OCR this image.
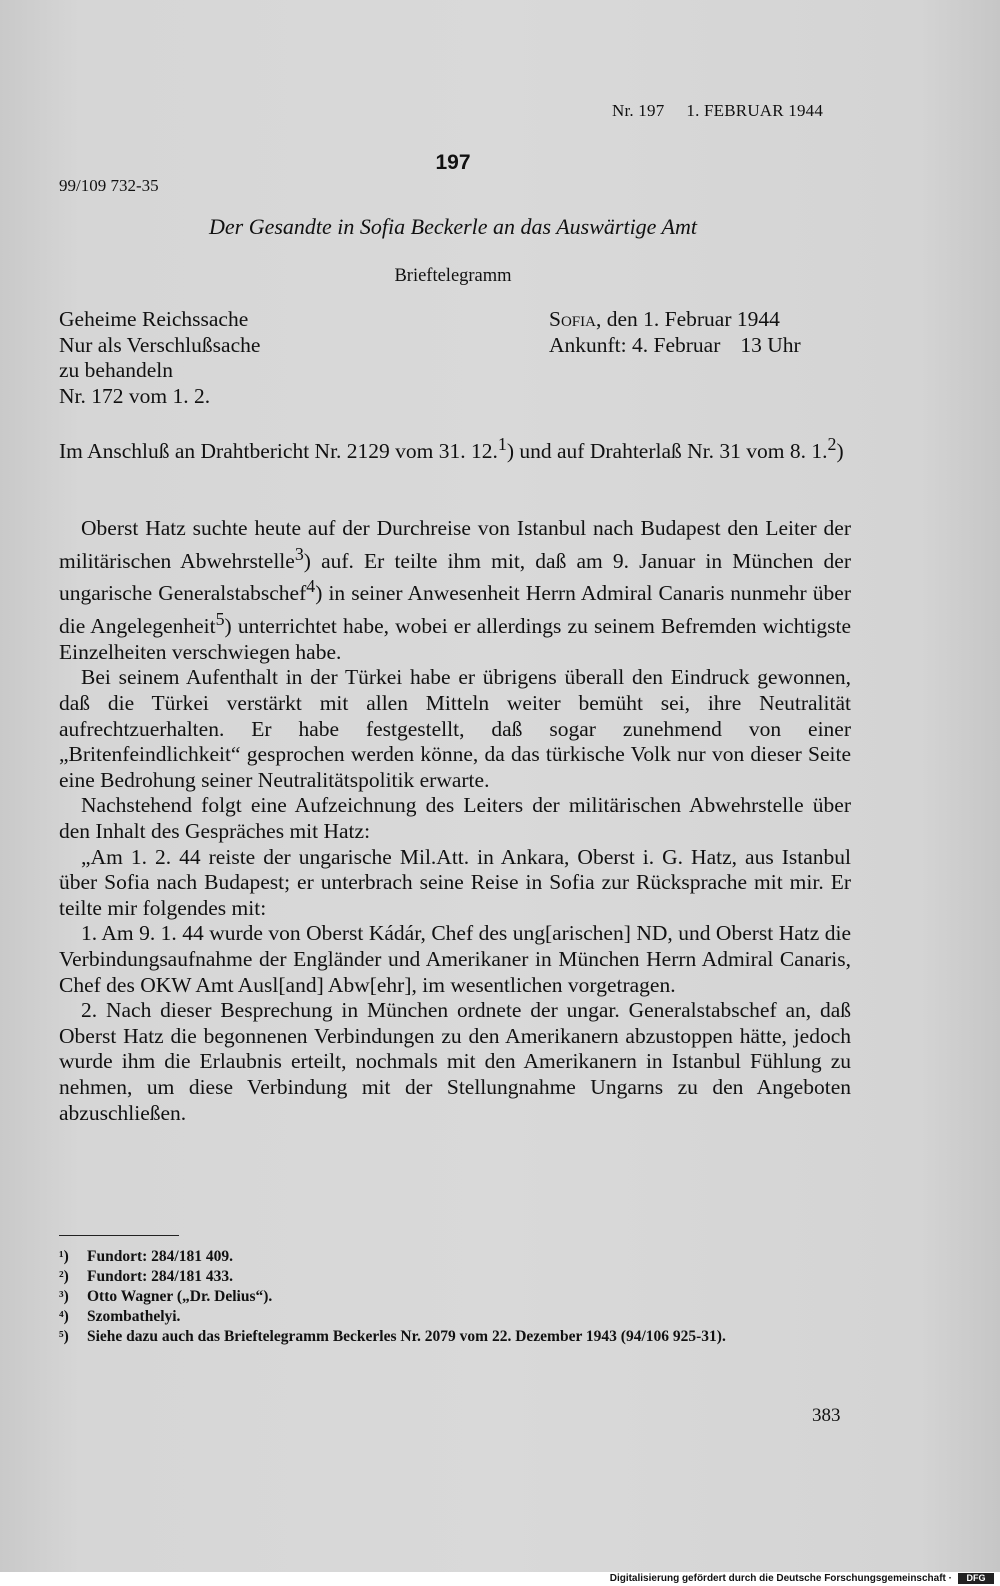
Nr. 197 1. FEBRUAR 1944
197
99/109 732-35
Der Gesandte in Sofia Beckerle an das Auswärtige Amt
Brieftelegramm
Geheime Reichssache
Nur als Verschlußsache
zu behandeln
Nr. 172 vom 1. 2.
Sofia, den 1. Februar 1944
Ankunft: 4. Februar 13 Uhr

Im Anschluß an Drahtbericht Nr. 2129 vom 31. 12.$^1$) und auf Drahterlaß Nr. 31 vom 8. 1.$^2$)

Oberst Hatz suchte heute auf der Durchreise von Istanbul nach Budapest den Leiter der militärischen Abwehrstelle$^3$) auf. Er teilte ihm mit, daß am 9. Januar in München der ungarische Generalstabschef$^4$) in seiner Anwesenheit Herrn Admiral Canaris nunmehr über die Angelegenheit$^5$) unterrichtet habe, wobei er allerdings zu seinem Befremden wichtigste Einzelheiten verschwiegen habe.

Bei seinem Aufenthalt in der Türkei habe er übrigens überall den Eindruck gewonnen, daß die Türkei verstärkt mit allen Mitteln weiter bemüht sei, ihre Neutralität aufrechtzuerhalten. Er habe festgestellt, daß sogar zunehmend von einer „Britenfeindlichkeit“ gesprochen werden könne, da das türkische Volk nur von dieser Seite eine Bedrohung seiner Neutralitätspolitik erwarte.

Nachstehend folgt eine Aufzeichnung des Leiters der militärischen Abwehrstelle über den Inhalt des Gespräches mit Hatz:

„Am 1. 2. 44 reiste der ungarische Mil.Att. in Ankara, Oberst i. G. Hatz, aus Istanbul über Sofia nach Budapest; er unterbrach seine Reise in Sofia zur Rücksprache mit mir. Er teilte mir folgendes mit:

1. Am 9. 1. 44 wurde von Oberst Kádár, Chef des ung[arischen] ND, und Oberst Hatz die Verbindungsaufnahme der Engländer und Amerikaner in München Herrn Admiral Canaris, Chef des OKW Amt Ausl[and] Abw[ehr], im wesentlichen vorgetragen.

2. Nach dieser Besprechung in München ordnete der ungar. Generalstabschef an, daß Oberst Hatz die begonnenen Verbindungen zu den Amerikanern abzustoppen hätte, jedoch wurde ihm die Erlaubnis erteilt, nochmals mit den Amerikanern in Istanbul Fühlung zu nehmen, um diese Verbindung mit der Stellungnahme Ungarns zu den Angeboten abzuschließen.

¹)	Fundort: 284/181 409.
²)	Fundort: 284/181 433.
³)	Otto Wagner („Dr. Delius“).
⁴)	Szombathelyi.
⁵)	Siehe dazu auch das Brieftelegramm Beckerles Nr. 2079 vom 22. Dezember 1943 (94/106 925-31).
383
Digitalisierung gefördert durch die Deutsche Forschungsgemeinschaft ·	DFG
